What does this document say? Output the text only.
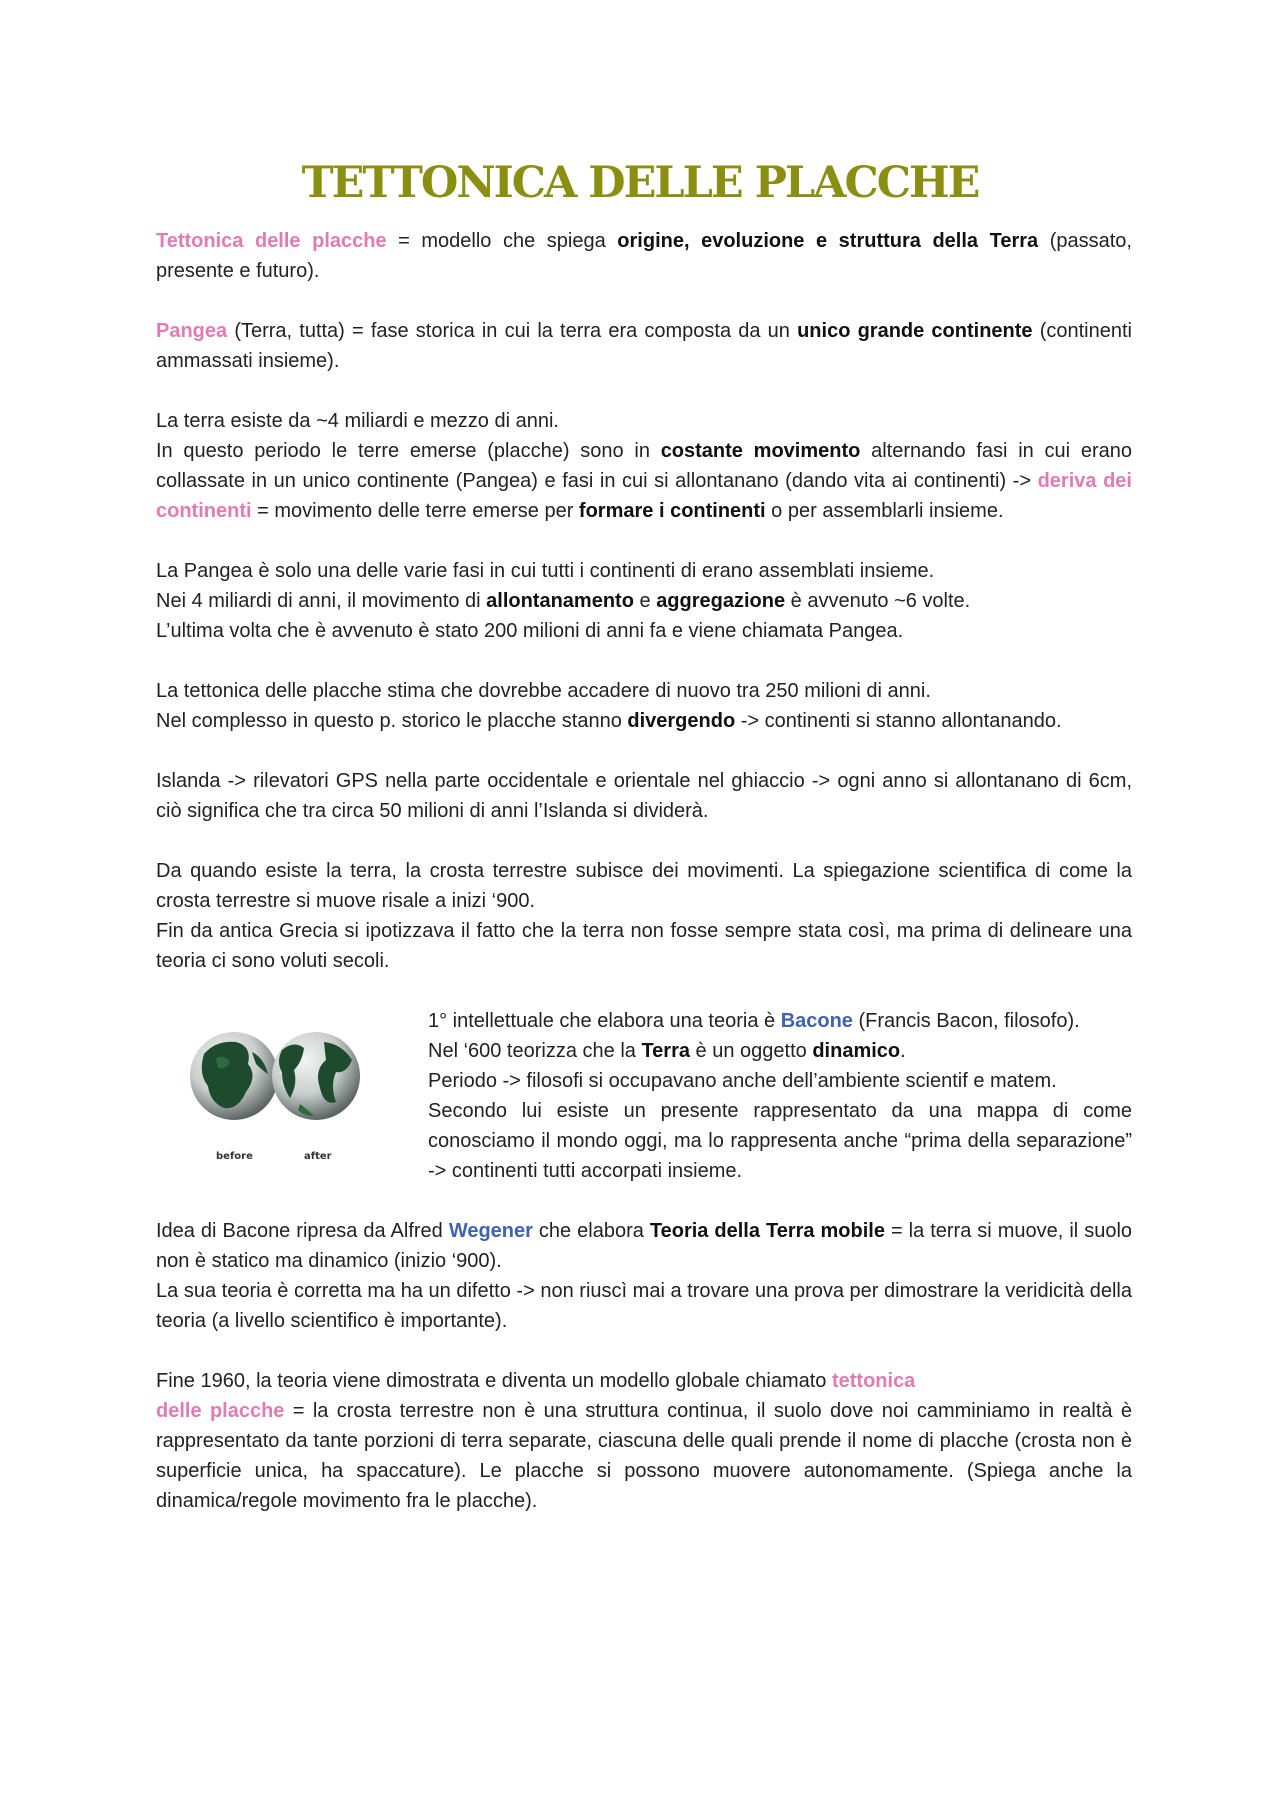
TETTONICA DELLE PLACCHE

Tettonica delle placche = modello che spiega origine, evoluzione e struttura della Terra (passato, presente e futuro).

Pangea (Terra, tutta) = fase storica in cui la terra era composta da un unico grande continente (continenti ammassati insieme).

La terra esiste da ~4 miliardi e mezzo di anni.
In questo periodo le terre emerse (placche) sono in costante movimento alternando fasi in cui erano collassate in un unico continente (Pangea) e fasi in cui si allontanano (dando vita ai continenti) -> deriva dei continenti = movimento delle terre emerse per formare i continenti o per assemblarli insieme.

La Pangea è solo una delle varie fasi in cui tutti i continenti di erano assemblati insieme.
Nei 4 miliardi di anni, il movimento di allontanamento e aggregazione è avvenuto ~6 volte.
L’ultima volta che è avvenuto è stato 200 milioni di anni fa e viene chiamata Pangea.

La tettonica delle placche stima che dovrebbe accadere di nuovo tra 250 milioni di anni.
Nel complesso in questo p. storico le placche stanno divergendo -> continenti si stanno allontanando.

Islanda -> rilevatori GPS nella parte occidentale e orientale nel ghiaccio -> ogni anno si allontanano di 6cm, ciò significa che tra circa 50 milioni di anni l’Islanda si dividerà.

Da quando esiste la terra, la crosta terrestre subisce dei movimenti. La spiegazione scientifica di come la crosta terrestre si muove risale a inizi ‘900.
Fin da antica Grecia si ipotizzava il fatto che la terra non fosse sempre stata così, ma prima di delineare una teoria ci sono voluti secoli.

before	after
1° intellettuale che elabora una teoria è Bacone (Francis Bacon, filosofo).
Nel ‘600 teorizza che la Terra è un oggetto dinamico.
Periodo -> filosofi si occupavano anche dell’ambiente scientif e matem.
Secondo lui esiste un presente rappresentato da una mappa di come conosciamo il mondo oggi, ma lo rappresenta anche “prima della separazione” -> continenti tutti accorpati insieme.

Idea di Bacone ripresa da Alfred Wegener che elabora Teoria della Terra mobile = la terra si muove, il suolo non è statico ma dinamico (inizio ‘900).
La sua teoria è corretta ma ha un difetto -> non riuscì mai a trovare una prova per dimostrare la veridicità della teoria (a livello scientifico è importante).

Fine 1960, la teoria viene dimostrata e diventa un modello globale chiamato tettonica
delle placche = la crosta terrestre non è una struttura continua, il suolo dove noi camminiamo in realtà è rappresentato da tante porzioni di terra separate, ciascuna delle quali prende il nome di placche (crosta non è superficie unica, ha spaccature). Le placche si possono muovere autonomamente. (Spiega anche la dinamica/regole movimento fra le placche).
